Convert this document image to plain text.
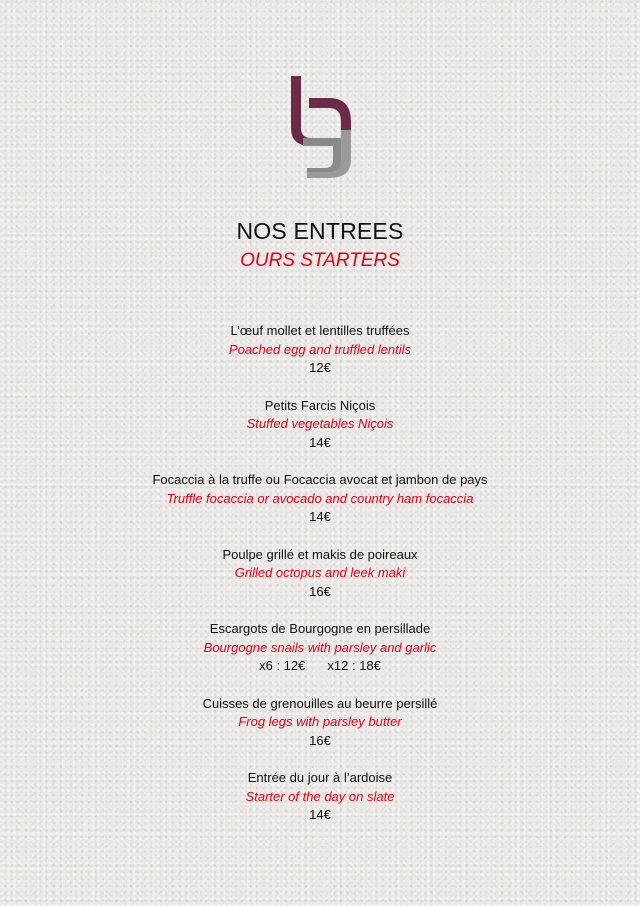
NOS ENTREES
OURS STARTERS
L’œuf mollet et lentilles truffées
Poached egg and truffled lentils
12€
Petits Farcis Niçois
Stuffed vegetables Niçois
14€
Focaccia à la truffe ou Focaccia avocat et jambon de pays
Truffle focaccia or avocado and country ham focaccia
14€
Poulpe grillé et makis de poireaux
Grilled octopus and leek maki
16€
Escargots de Bourgogne en persillade
Bourgogne snails with parsley and garlic
x6 : 12€ x12 : 18€
Cuisses de grenouilles au beurre persillé
Frog legs with parsley butter
16€
Entrée du jour à l’ardoise
Starter of the day on slate
14€
